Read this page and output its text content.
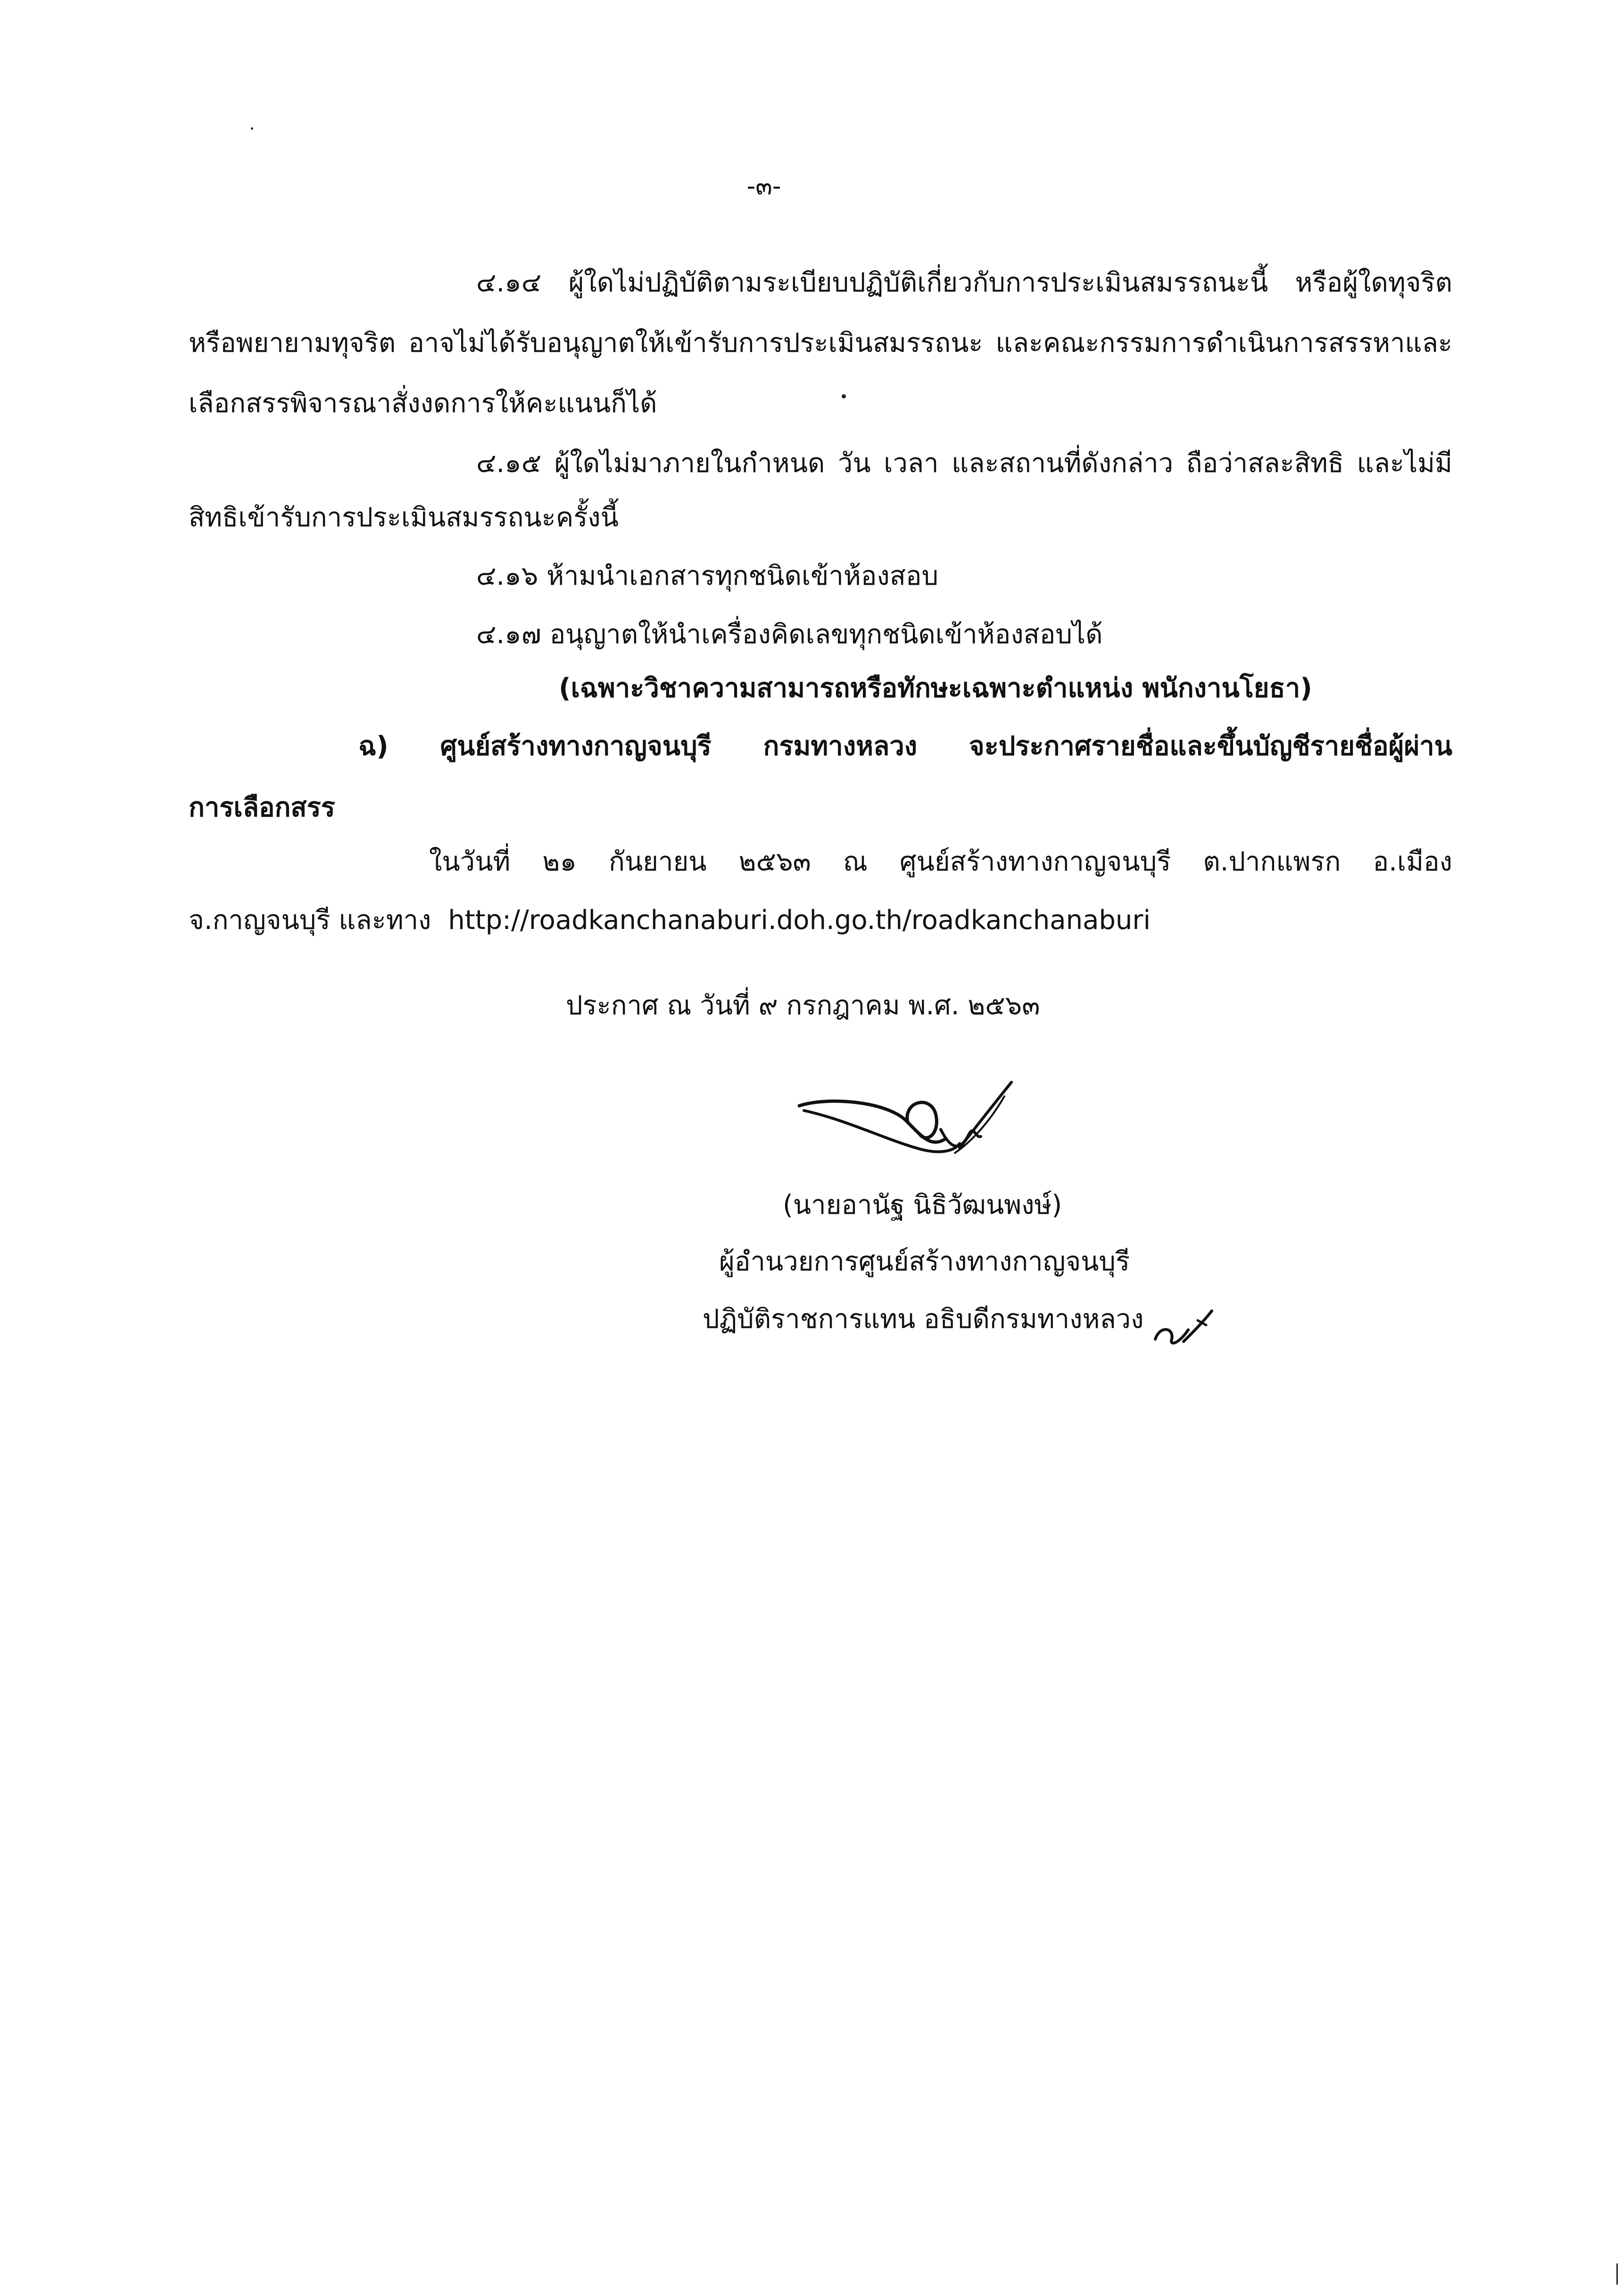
-๓-
๔.๑๔ ผู้ใดไม่ปฏิบัติตามระเบียบปฏิบัติเกี่ยวกับการประเมินสมรรถนะนี้ หรือผู้ใดทุจริต
หรือพยายามทุจริต อาจไม่ได้รับอนุญาตให้เข้ารับการประเมินสมรรถนะ และคณะกรรมการดำเนินการสรรหาและ
เลือกสรรพิจารณาสั่งงดการให้คะแนนก็ได้
๔.๑๕ ผู้ใดไม่มาภายในกำหนด วัน เวลา และสถานที่ดังกล่าว ถือว่าสละสิทธิ และไม่มี
สิทธิเข้ารับการประเมินสมรรถนะครั้งนี้
๔.๑๖ ห้ามนำเอกสารทุกชนิดเข้าห้องสอบ
๔.๑๗ อนุญาตให้นำเครื่องคิดเลขทุกชนิดเข้าห้องสอบได้
(เฉพาะวิชาความสามารถหรือทักษะเฉพาะตำแหน่ง พนักงานโยธา)
ฉ) ศูนย์สร้างทางกาญจนบุรี กรมทางหลวง จะประกาศรายชื่อและขึ้นบัญชีรายชื่อผู้ผ่าน
การเลือกสรร
ในวันที่ ๒๑ กันยายน ๒๕๖๓ ณ ศูนย์สร้างทางกาญจนบุรี ต.ปากแพรก อ.เมือง
จ.กาญจนบุรี และทาง http://roadkanchanaburi.doh.go.th/roadkanchanaburi
ประกาศ ณ วันที่ ๙ กรกฎาคม พ.ศ. ๒๕๖๓
(นายอานัฐ นิธิวัฒนพงษ์)
ผู้อำนวยการศูนย์สร้างทางกาญจนบุรี
ปฏิบัติราชการแทน อธิบดีกรมทางหลวง
